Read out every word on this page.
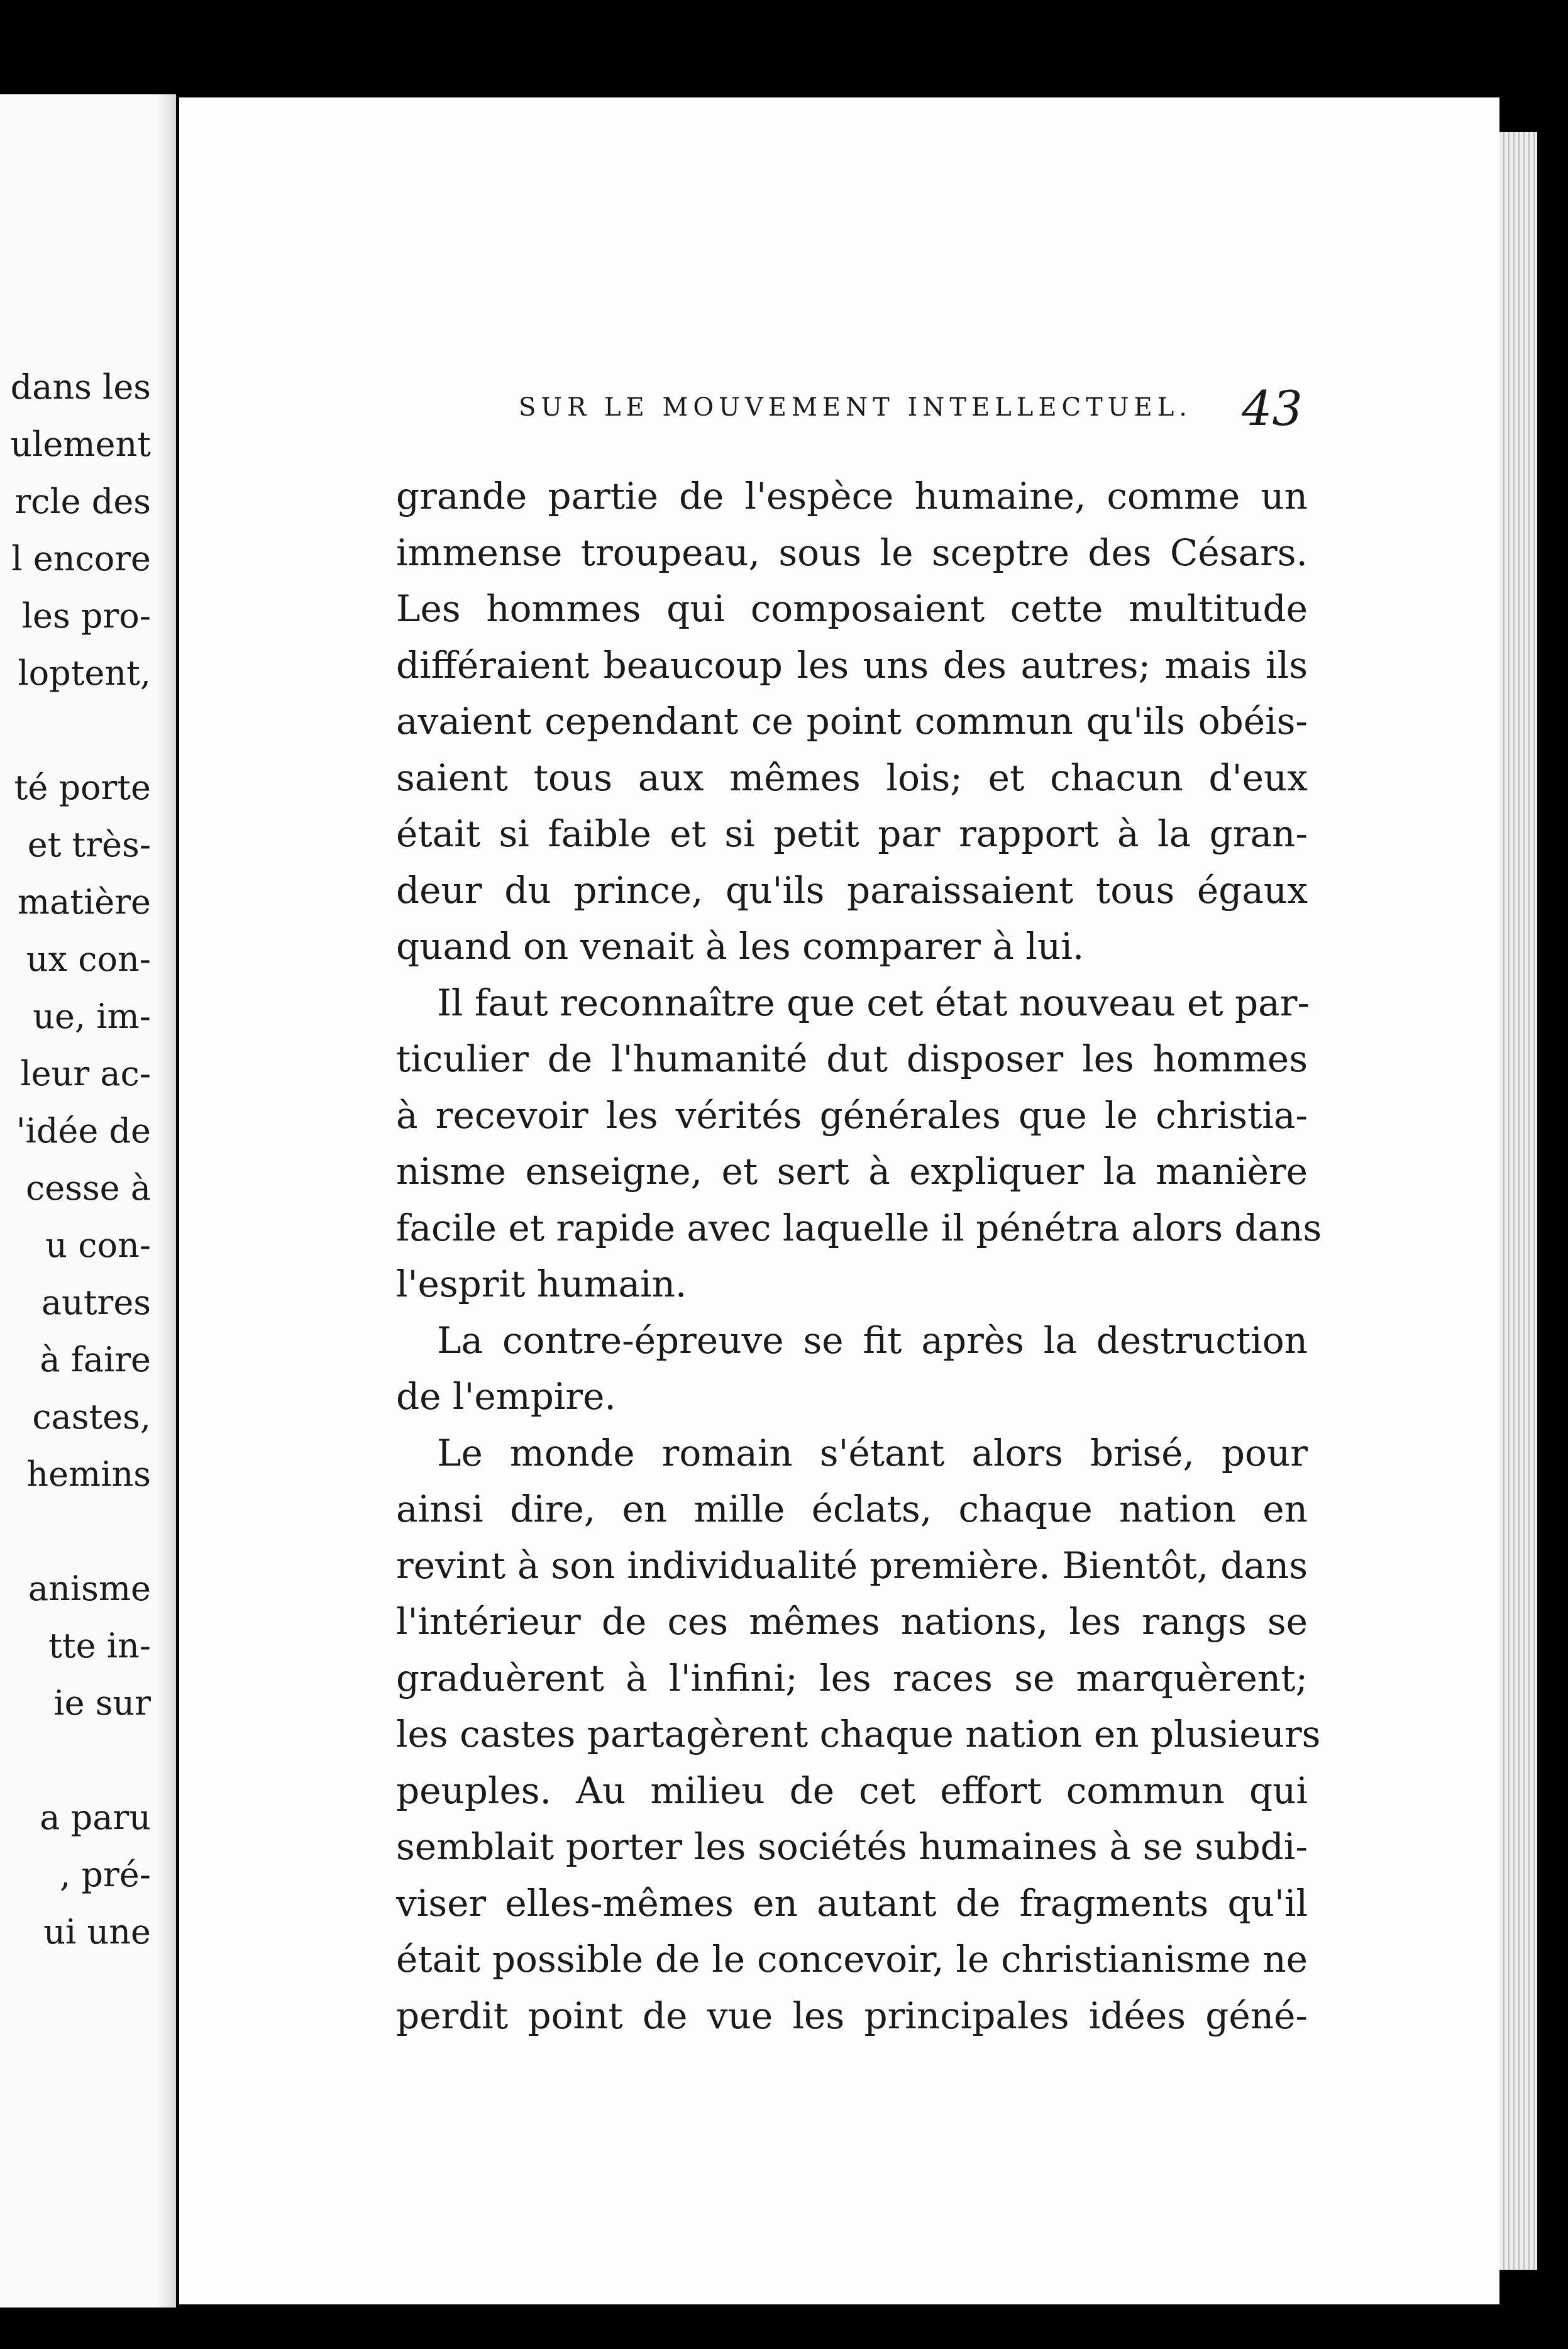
dans les
ulement
rcle des
l encore
les pro-
loptent,
té porte
et très-
matière
ux con-
ue, im-
leur ac-
'idée de
cesse à
u con-
autres
à faire
castes,
hemins
anisme
tte in-
ie sur
a paru
, pré-
ui une
SUR LE MOUVEMENT INTELLECTUEL.	43
grande partie de l'espèce humaine, comme un
immense troupeau, sous le sceptre des Césars.
Les hommes qui composaient cette multitude
différaient beaucoup les uns des autres; mais ils
avaient cependant ce point commun qu'ils obéis-
saient tous aux mêmes lois; et chacun d'eux
était si faible et si petit par rapport à la gran-
deur du prince, qu'ils paraissaient tous égaux
quand on venait à les comparer à lui.
Il faut reconnaître que cet état nouveau et par-
ticulier de l'humanité dut disposer les hommes
à recevoir les vérités générales que le christia-
nisme enseigne, et sert à expliquer la manière
facile et rapide avec laquelle il pénétra alors dans
l'esprit humain.
La contre-épreuve se fit après la destruction
de l'empire.
Le monde romain s'étant alors brisé, pour
ainsi dire, en mille éclats, chaque nation en
revint à son individualité première. Bientôt, dans
l'intérieur de ces mêmes nations, les rangs se
graduèrent à l'infini; les races se marquèrent;
les castes partagèrent chaque nation en plusieurs
peuples. Au milieu de cet effort commun qui
semblait porter les sociétés humaines à se subdi-
viser elles-mêmes en autant de fragments qu'il
était possible de le concevoir, le christianisme ne
perdit point de vue les principales idées géné-
